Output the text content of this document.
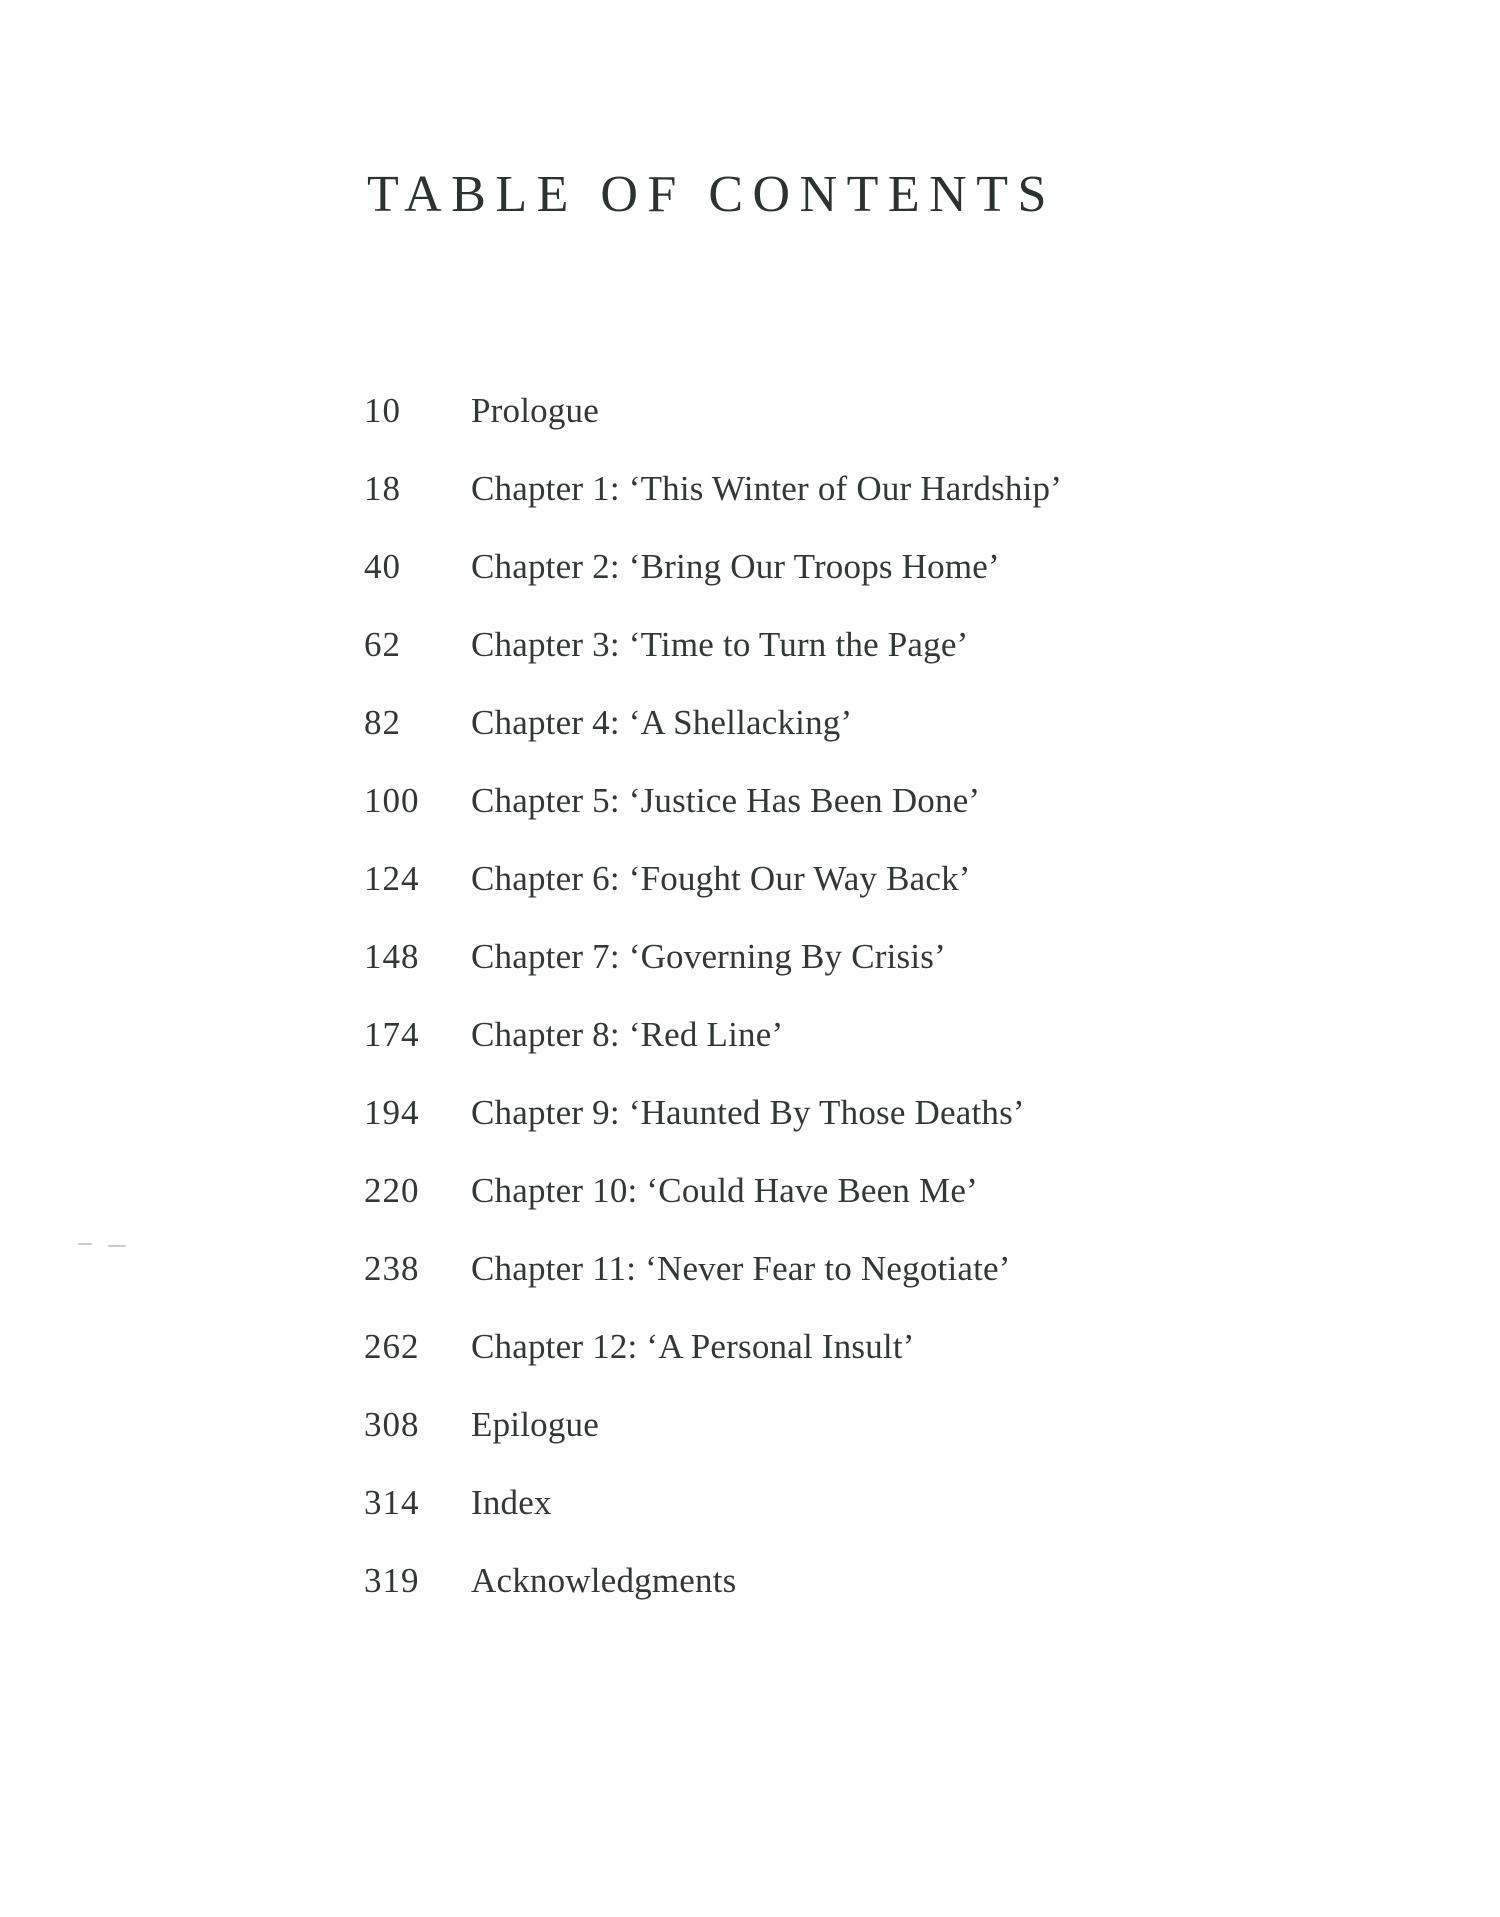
TABLE OF CONTENTS
10	Prologue
18	Chapter 1: ‘This Winter of Our Hardship’
40	Chapter 2: ‘Bring Our Troops Home’
62	Chapter 3: ‘Time to Turn the Page’
82	Chapter 4: ‘A Shellacking’
100	Chapter 5: ‘Justice Has Been Done’
124	Chapter 6: ‘Fought Our Way Back’
148	Chapter 7: ‘Governing By Crisis’
174	Chapter 8: ‘Red Line’
194	Chapter 9: ‘Haunted By Those Deaths’
220	Chapter 10: ‘Could Have Been Me’
238	Chapter 11: ‘Never Fear to Negotiate’
262	Chapter 12: ‘A Personal Insult’
308	Epilogue
314	Index
319	Acknowledgments
